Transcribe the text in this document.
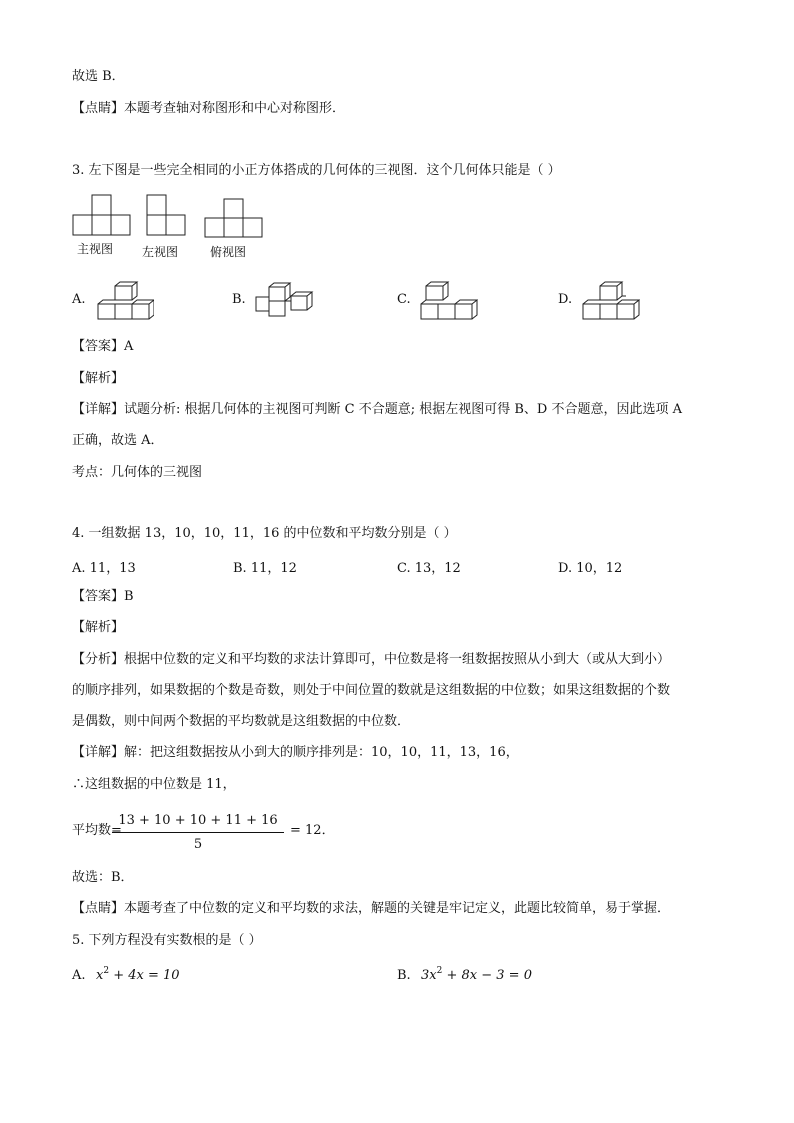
故选 B．
【点睛】本题考查轴对称图形和中心对称图形．
3. 左下图是一些完全相同的小正方体搭成的几何体的三视图．这个几何体只能是（ ）
主视图 左视图	俯视图
A.	B.	C.	D.
【答案】A
【解析】
【详解】试题分析: 根据几何体的主视图可判断 C 不合题意; 根据左视图可得 B、D 不合题意，因此选项 A
正确，故选 A．
考点：几何体的三视图
4. 一组数据 13，10，10，11，16 的中位数和平均数分别是（ ）
A. 11，13	B. 11，12	C. 13，12	D. 10，12
【答案】B
【解析】
【分析】根据中位数的定义和平均数的求法计算即可，中位数是将一组数据按照从小到大（或从大到小）
的顺序排列，如果数据的个数是奇数，则处于中间位置的数就是这组数据的中位数；如果这组数据的个数
是偶数，则中间两个数据的平均数就是这组数据的中位数．
【详解】解：把这组数据按从小到大的顺序排列是：10，10，11，13，16，
∴这组数据的中位数是 11，
平均数=
13 + 10 + 10 + 11 + 16
5
= 12．
故选：B．
【点睛】本题考查了中位数的定义和平均数的求法，解题的关键是牢记定义，此题比较简单，易于掌握．
5. 下列方程没有实数根的是（ ）
A. $x^2 + 4x = 10$	B. $3x^2 + 8x - 3 = 0$
